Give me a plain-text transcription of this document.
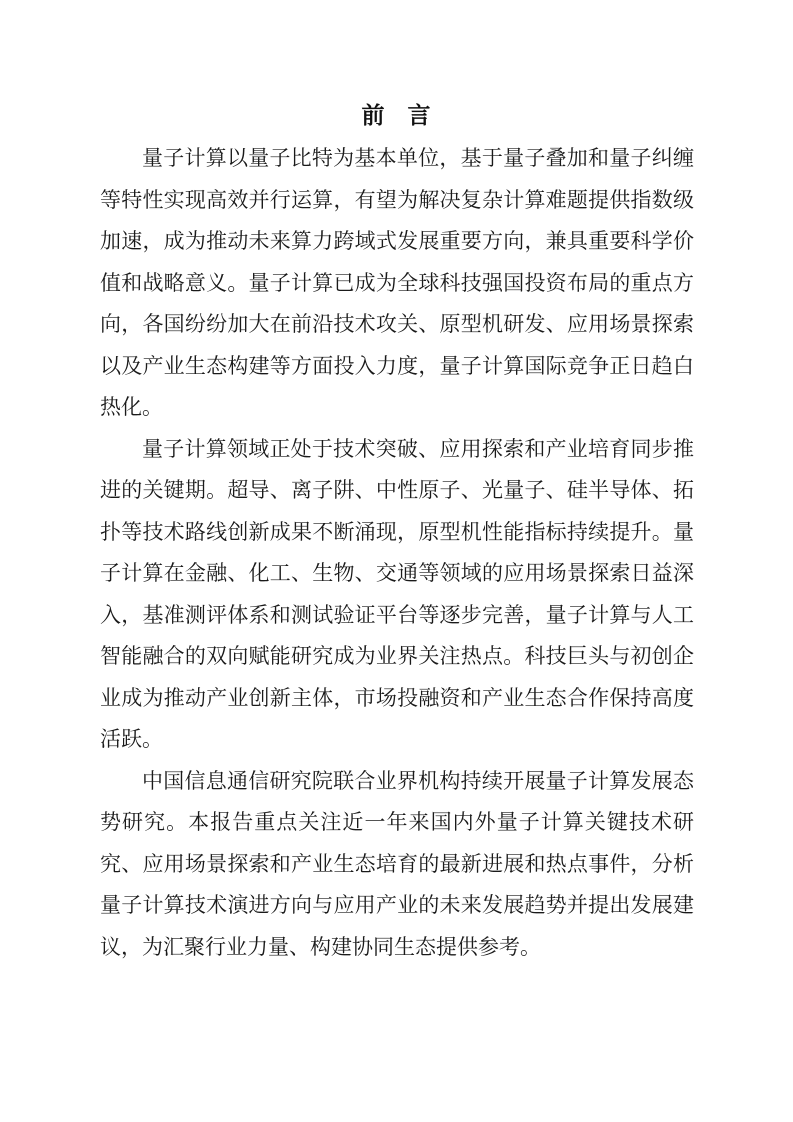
前 言

量子计算以量子比特为基本单位，基于量子叠加和量子纠缠等特性实现高效并行运算，有望为解决复杂计算难题提供指数级加速，成为推动未来算力跨域式发展重要方向，兼具重要科学价值和战略意义。量子计算已成为全球科技强国投资布局的重点方向，各国纷纷加大在前沿技术攻关、原型机研发、应用场景探索以及产业生态构建等方面投入力度，量子计算国际竞争正日趋白热化。

量子计算领域正处于技术突破、应用探索和产业培育同步推进的关键期。超导、离子阱、中性原子、光量子、硅半导体、拓扑等技术路线创新成果不断涌现，原型机性能指标持续提升。量子计算在金融、化工、生物、交通等领域的应用场景探索日益深入，基准测评体系和测试验证平台等逐步完善，量子计算与人工智能融合的双向赋能研究成为业界关注热点。科技巨头与初创企业成为推动产业创新主体，市场投融资和产业生态合作保持高度活跃。

中国信息通信研究院联合业界机构持续开展量子计算发展态势研究。本报告重点关注近一年来国内外量子计算关键技术研究、应用场景探索和产业生态培育的最新进展和热点事件，分析量子计算技术演进方向与应用产业的未来发展趋势并提出发展建议，为汇聚行业力量、构建协同生态提供参考。
